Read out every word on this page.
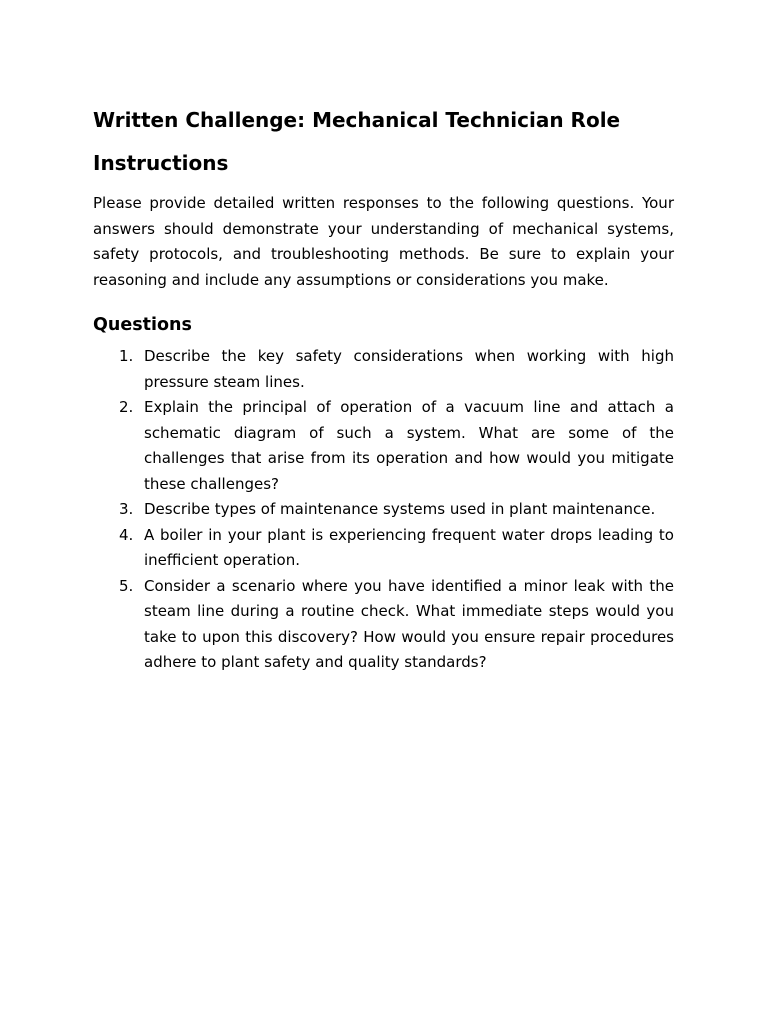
Written Challenge: Mechanical Technician Role
Instructions

Please provide detailed written responses to the following questions. Your answers should demonstrate your understanding of mechanical systems, safety protocols, and troubleshooting methods. Be sure to explain your reasoning and include any assumptions or considerations you make.

Questions
1. Describe the key safety considerations when working with high pressure steam lines.
2. Explain the principal of operation of a vacuum line and attach a schematic diagram of such a system. What are some of the challenges that arise from its operation and how would you mitigate these challenges?
3. Describe types of maintenance systems used in plant maintenance.
4. A boiler in your plant is experiencing frequent water drops leading to inefficient operation.
5. Consider a scenario where you have identified a minor leak with the steam line during a routine check. What immediate steps would you take to upon this discovery? How would you ensure repair procedures adhere to plant safety and quality standards?
